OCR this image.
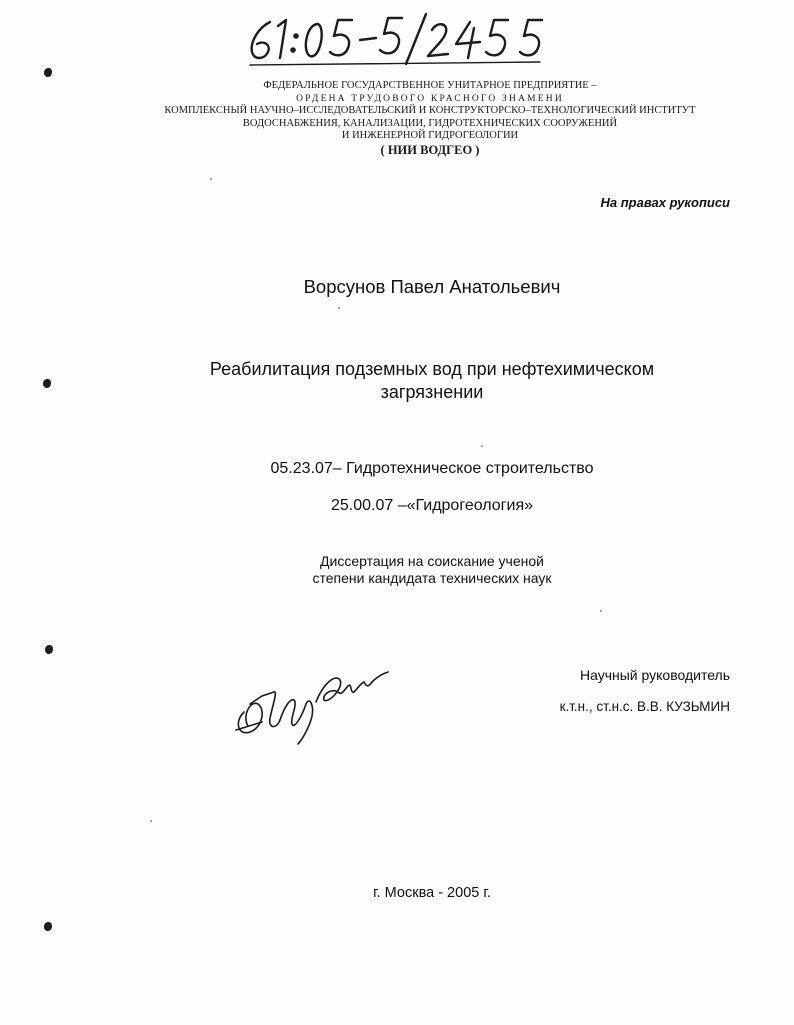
ФЕДЕРАЛЬНОЕ ГОСУДАРСТВЕННОЕ УНИТАРНОЕ ПРЕДПРИЯТИЕ –
ОРДЕНА ТРУДОВОГО КРАСНОГО ЗНАМЕНИ
КОМПЛЕКСНЫЙ НАУЧНО–ИССЛЕДОВАТЕЛЬСКИЙ И КОНСТРУКТОРСКО–ТЕХНОЛОГИЧЕСКИЙ ИНСТИТУТ
ВОДОСНАБЖЕНИЯ, КАНАЛИЗАЦИИ, ГИДРОТЕХНИЧЕСКИХ СООРУЖЕНИЙ
И ИНЖЕНЕРНОЙ ГИДРОГЕОЛОГИИ
( НИИ ВОДГЕО )
На правах рукописи
Ворсунов Павел Анатольевич
Реабилитация подземных вод при нефтехимическом
загрязнении
05.23.07– Гидротехническое строительство
25.00.07 –«Гидрогеология»
Диссертация на соискание ученой
степени кандидата технических наук
Научный руководитель
к.т.н., ст.н.с. В.В. КУЗЬМИН
г. Москва - 2005 г.
